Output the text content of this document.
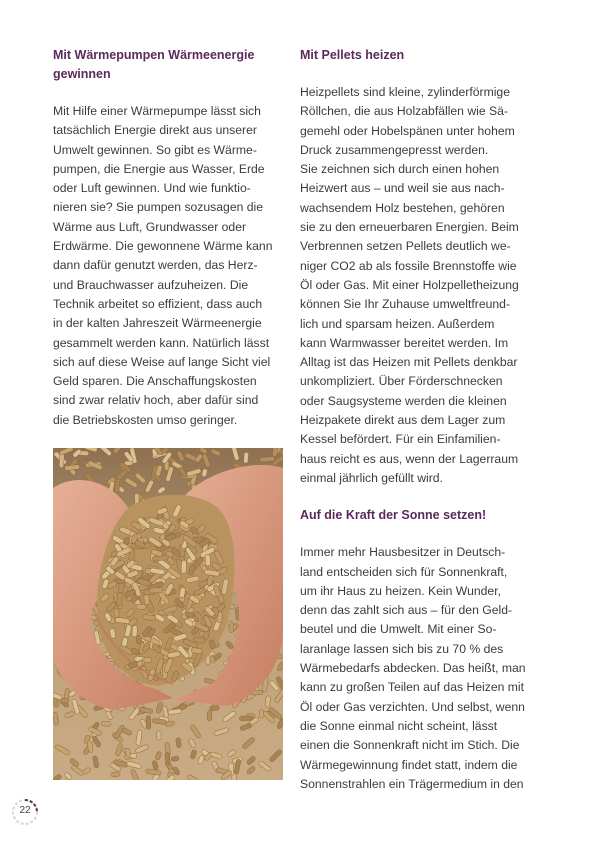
Mit Wärmepumpen Wärmeenergie
gewinnen

Mit Hilfe einer Wärmepumpe lässt sich
tatsächlich Energie direkt aus unserer
Umwelt gewinnen. So gibt es Wärme-
pumpen, die Energie aus Wasser, Erde
oder Luft gewinnen. Und wie funktio-
nieren sie? Sie pumpen sozusagen die
Wärme aus Luft, Grundwasser oder
Erdwärme. Die gewonnene Wärme kann
dann dafür genutzt werden, das Herz-
und Brauchwasser aufzuheizen. Die
Technik arbeitet so effizient, dass auch
in der kalten Jahreszeit Wärmeenergie
gesammelt werden kann. Natürlich lässt
sich auf diese Weise auf lange Sicht viel
Geld sparen. Die Anschaffungskosten
sind zwar relativ hoch, aber dafür sind
die Betriebskosten umso geringer.

Mit Pellets heizen

Heizpellets sind kleine, zylinderförmige
Röllchen, die aus Holzabfällen wie Sä-
gemehl oder Hobelspänen unter hohem
Druck zusammengepresst werden.
Sie zeichnen sich durch einen hohen
Heizwert aus – und weil sie aus nach-
wachsendem Holz bestehen, gehören
sie zu den erneuerbaren Energien. Beim
Verbrennen setzen Pellets deutlich we-
niger CO2 ab als fossile Brennstoffe wie
Öl oder Gas. Mit einer Holzpelletheizung
können Sie Ihr Zuhause umweltfreund-
lich und sparsam heizen. Außerdem
kann Warmwasser bereitet werden. Im
Alltag ist das Heizen mit Pellets denkbar
unkompliziert. Über Förderschnecken
oder Saugsysteme werden die kleinen
Heizpakete direkt aus dem Lager zum
Kessel befördert. Für ein Einfamilien-
haus reicht es aus, wenn der Lagerraum
einmal jährlich gefüllt wird.

Auf die Kraft der Sonne setzen!

Immer mehr Hausbesitzer in Deutsch-
land entscheiden sich für Sonnenkraft,
um ihr Haus zu heizen. Kein Wunder,
denn das zahlt sich aus – für den Geld-
beutel und die Umwelt. Mit einer So-
laranlage lassen sich bis zu 70 % des
Wärmebedarfs abdecken. Das heißt, man
kann zu großen Teilen auf das Heizen mit
Öl oder Gas verzichten. Und selbst, wenn
die Sonne einmal nicht scheint, lässt
einen die Sonnenkraft nicht im Stich. Die
Wärmegewinnung findet statt, indem die
Sonnenstrahlen ein Trägermedium in den

22
